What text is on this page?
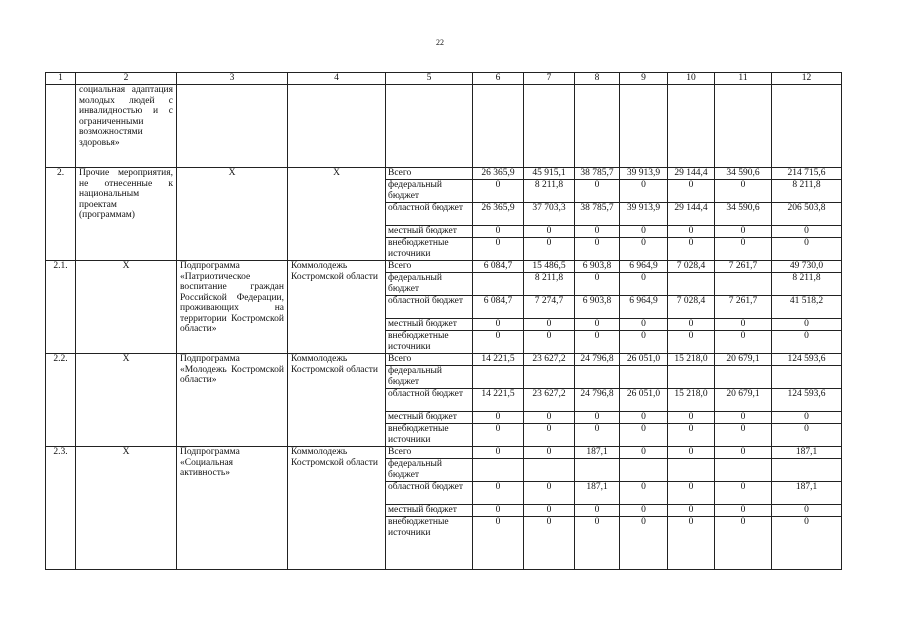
22
1	2	3	4	5	6	7	8	9	10	11	12
	социальная адаптация молодых людей с инвалидностью и с ограниченными возможностями здоровья»										
2.	Прочие мероприятия, не отнесенные к национальным проектам (программам)	Х	Х	Всего	26 365,9	45 915,1	38 785,7	39 913,9	29 144,4	34 590,6	214 715,6
				федеральный бюджет	0	8 211,8	0	0	0	0	8 211,8
				областной бюджет	26 365,9	37 703,3	38 785,7	39 913,9	29 144,4	34 590,6	206 503,8
				местный бюджет	0	0	0	0	0	0	0
				внебюджетные источники	0	0	0	0	0	0	0
2.1.	Х	Подпрограмма «Патриотическое воспитание граждан Российской Федерации, проживающих на территории Костромской области»	Коммолодежь Костромской области	Всего	6 084,7	15 486,5	6 903,8	6 964,9	7 028,4	7 261,7	49 730,0
				федеральный бюджет		8 211,8	0	0			8 211,8
				областной бюджет	6 084,7	7 274,7	6 903,8	6 964,9	7 028,4	7 261,7	41 518,2
				местный бюджет	0	0	0	0	0	0	0
				внебюджетные источники	0	0	0	0	0	0	0
2.2.	Х	Подпрограмма «Молодежь Костромской области»	Коммолодежь Костромской области	Всего	14 221,5	23 627,2	24 796,8	26 051,0	15 218,0	20 679,1	124 593,6
				федеральный бюджет							
				областной бюджет	14 221,5	23 627,2	24 796,8	26 051,0	15 218,0	20 679,1	124 593,6
				местный бюджет	0	0	0	0	0	0	0
				внебюджетные источники	0	0	0	0	0	0	0
2.3.	Х	Подпрограмма «Социальная активность»	Коммолодежь Костромской области	Всего	0	0	187,1	0	0	0	187,1
				федеральный бюджет							
				областной бюджет	0	0	187,1	0	0	0	187,1
				местный бюджет	0	0	0	0	0	0	0
				внебюджетные источники	0	0	0	0	0	0	0
